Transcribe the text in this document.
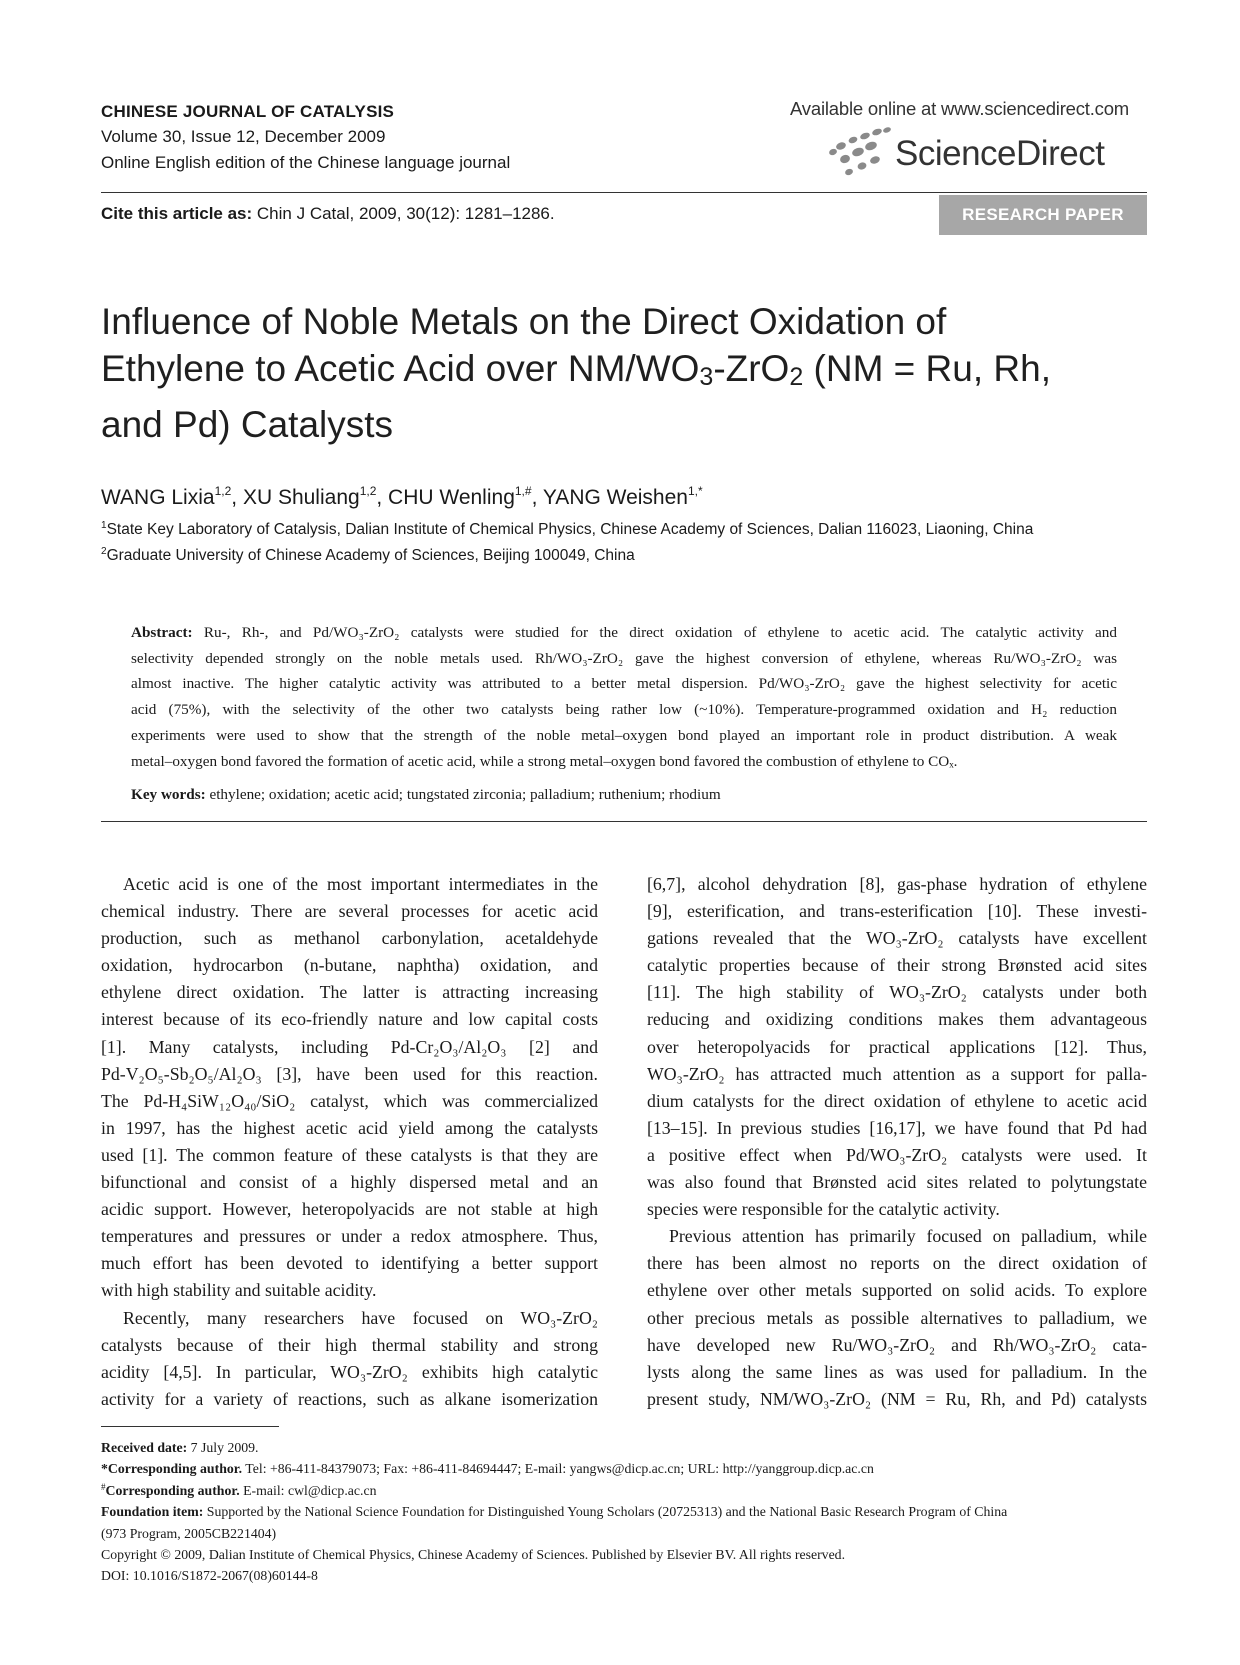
CHINESE JOURNAL OF CATALYSIS
Volume 30, Issue 12, December 2009
Online English edition of the Chinese language journal
Available online at www.sciencedirect.com
ScienceDirect
Cite this article as: Chin J Catal, 2009, 30(12): 1281–1286.	RESEARCH PAPER
Influence of Noble Metals on the Direct Oxidation of
Ethylene to Acetic Acid over NM/WO3-ZrO2 (NM = Ru, Rh,
and Pd) Catalysts
WANG Lixia$^{1,2}$, XU Shuliang$^{1,2}$, CHU Wenling$^{1,\#}$, YANG Weishen$^{1,*}$
$^1$State Key Laboratory of Catalysis, Dalian Institute of Chemical Physics, Chinese Academy of Sciences, Dalian 116023, Liaoning, China
$^2$Graduate University of Chinese Academy of Sciences, Beijing 100049, China
Abstract: Ru-, Rh-, and Pd/WO₃-ZrO₂ catalysts were studied for the direct oxidation of ethylene to acetic acid. The catalytic activity and
selectivity depended strongly on the noble metals used. Rh/WO₃-ZrO₂ gave the highest conversion of ethylene, whereas Ru/WO₃-ZrO₂ was
almost inactive. The higher catalytic activity was attributed to a better metal dispersion. Pd/WO₃-ZrO₂ gave the highest selectivity for acetic
acid (75%), with the selectivity of the other two catalysts being rather low (~10%). Temperature-programmed oxidation and H₂ reduction
experiments were used to show that the strength of the noble metal–oxygen bond played an important role in product distribution. A weak
metal–oxygen bond favored the formation of acetic acid, while a strong metal–oxygen bond favored the combustion of ethylene to COₓ.
Key words: ethylene; oxidation; acetic acid; tungstated zirconia; palladium; ruthenium; rhodium
Acetic acid is one of the most important intermediates in the
chemical industry. There are several processes for acetic acid
production, such as methanol carbonylation, acetaldehyde
oxidation, hydrocarbon (n-butane, naphtha) oxidation, and
ethylene direct oxidation. The latter is attracting increasing
interest because of its eco-friendly nature and low capital costs
[1]. Many catalysts, including Pd-Cr₂O₃/Al₂O₃ [2] and
Pd-V₂O₅-Sb₂O₅/Al₂O₃ [3], have been used for this reaction.
The Pd-H₄SiW₁₂O₄₀/SiO₂ catalyst, which was commercialized
in 1997, has the highest acetic acid yield among the catalysts
used [1]. The common feature of these catalysts is that they are
bifunctional and consist of a highly dispersed metal and an
acidic support. However, heteropolyacids are not stable at high
temperatures and pressures or under a redox atmosphere. Thus,
much effort has been devoted to identifying a better support
with high stability and suitable acidity.
Recently, many researchers have focused on WO₃-ZrO₂
catalysts because of their high thermal stability and strong
acidity [4,5]. In particular, WO₃-ZrO₂ exhibits high catalytic
activity for a variety of reactions, such as alkane isomerization
[6,7], alcohol dehydration [8], gas-phase hydration of ethylene
[9], esterification, and trans-esterification [10]. These investi-
gations revealed that the WO₃-ZrO₂ catalysts have excellent
catalytic properties because of their strong Brønsted acid sites
[11]. The high stability of WO₃-ZrO₂ catalysts under both
reducing and oxidizing conditions makes them advantageous
over heteropolyacids for practical applications [12]. Thus,
WO₃-ZrO₂ has attracted much attention as a support for palla-
dium catalysts for the direct oxidation of ethylene to acetic acid
[13–15]. In previous studies [16,17], we have found that Pd had
a positive effect when Pd/WO₃-ZrO₂ catalysts were used. It
was also found that Brønsted acid sites related to polytungstate
species were responsible for the catalytic activity.
Previous attention has primarily focused on palladium, while
there has been almost no reports on the direct oxidation of
ethylene over other metals supported on solid acids. To explore
other precious metals as possible alternatives to palladium, we
have developed new Ru/WO₃-ZrO₂ and Rh/WO₃-ZrO₂ cata-
lysts along the same lines as was used for palladium. In the
present study, NM/WO₃-ZrO₂ (NM = Ru, Rh, and Pd) catalysts
Received date: 7 July 2009.
*Corresponding author. Tel: +86-411-84379073; Fax: +86-411-84694447; E-mail: yangws@dicp.ac.cn; URL: http://yanggroup.dicp.ac.cn
#Corresponding author. E-mail: cwl@dicp.ac.cn
Foundation item: Supported by the National Science Foundation for Distinguished Young Scholars (20725313) and the National Basic Research Program of China
(973 Program, 2005CB221404)
Copyright © 2009, Dalian Institute of Chemical Physics, Chinese Academy of Sciences. Published by Elsevier BV. All rights reserved.
DOI: 10.1016/S1872-2067(08)60144-8
